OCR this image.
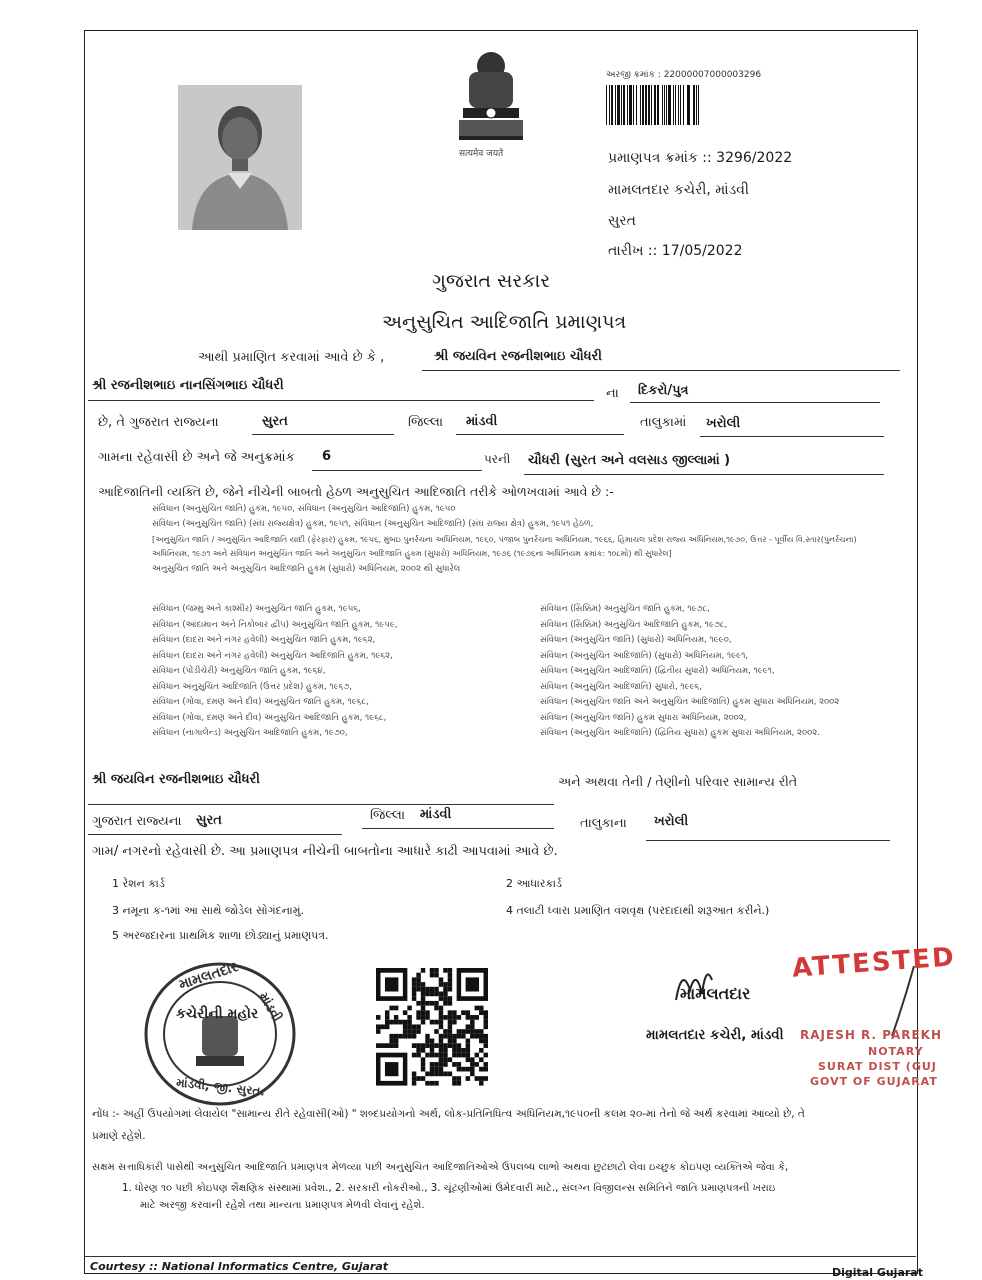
सत्यमेव जयते
અરજી ક્રમાંક : 22000007000003296
પ્રમાણપત્ર ક્રમાંક :: 3296/2022
મામલતદાર કચેરી, માંડવી
સુરત
તારીખ :: 17/05/2022
ગુજરાત સરકાર
અનુસુચિત આદિજાતિ પ્રમાણપત્ર
આથી પ્રમાણિત કરવામાં આવે છે કે ,	શ્રી જયવિન રજનીશભાઇ ચૌધરી
શ્રી રજનીશભાઇ નાનસિંગભાઇ ચૌધરી
ના દિકરો/પુત્ર
છે, તે ગુજરાત રાજ્યના	સુરત	જિલ્લા માંડવી	તાલુકામાં ખરોલી
ગામના રહેવાસી છે અને જે અનુક્રમાંક 6	પરની ચૌધરી (સુરત અને વલસાડ જીલ્લામાં )
આદિજાતિની વ્યક્તિ છે, જેને નીચેની બાબતો હેઠળ અનુસુચિત આદિજાતિ તરીકે ઓળખવામાં આવે છે :-
સંવિધાન (અનુસુચિત જાતિ) હુકમ, ૧૯૫૦, સંવિધાન (અનુસુચિત આદિજાતિ) હુકમ, ૧૯૫૦
સંવિધાન (અનુસુચિત જાતિ) (સંઘ રાજ્યક્ષેત્ર) હુકમ, ૧૯૫૧, સંવિધાન (અનુસુચિત આદિજાતિ) (સંઘ રાજ્ય ક્ષેત્ર) હુકમ, ૧૯૫૧ હેઠળ,
[અનુસુચિત જાતિ / અનુસુચિત આદિજાતિ યાદી (ફેરફાર) હુકમ, ૧૯૫૬, મુંબઇ પુનર્રચના અધિનિયમ, ૧૯૬૦, પંજાબ પુનર્રચના અધિનિયમ, ૧૯૬૬, હિમાચલ પ્રદેશ રાજ્ય અધિનિયમ,૧૯૭૦, ઉત્તર - પૂર્વીય વિ.સ્તાર(પુનર્રચના)
અધિનિયમ, ૧૯૭૧ અને સંવિધાન અનુસુચિત જાતિ અને અનુસુચિત આદિજાતિ હુકમ (સુધારો) અધિનિયમ, ૧૯૭૬ (૧૯૭૬ના અધિનિયમ ક્રમાંક: ૧૦૮મો) થી સુધારેલ]
અનુસુચિત જાતિ અને અનુસુચિત આદિજાતિ હુકમ (સુધારો) અધિનિયમ, ૨૦૦૨ થી સુધારેલ
સંવિધાન (જમ્મુ અને કાશ્મીર) અનુસુચિત જાતિ હુકમ, ૧૯૫૬,
સંવિધાન (આંદામાન અને નિકોબાર દ્વીપ) અનુસુચિત જાતિ હુકમ, ૧૯૫૯,
સંવિધાન (દાદરા અને નગર હવેલી) અનુસુચિત જાતિ હુકમ, ૧૯૬૨,
સંવિધાન (દાદરા અને નગર હવેલી) અનુસુચિત આદિજાતિ હુકમ, ૧૯૬૨,
સંવિધાન (પોંડીચેરી) અનુસુચિત જાતિ હુકમ, ૧૯૬૪,
સંવિધાન અનુસુચિત આદિજાતિ (ઉત્તર પ્રદેશ) હુકમ, ૧૯૬૭,
સંવિધાન (ગોવા, દમણ અને દીવ) અનુસુચિત જાતિ હુકમ, ૧૯૬૮,
સંવિધાન (ગોવા, દમણ અને દીવ) અનુસુચિત આદિજાતિ હુકમ, ૧૯૬૮,
સંવિધાન (નાગાલેન્ડ) અનુસુચિત આદિજાતિ હુકમ, ૧૯૭૦,
સંવિધાન (સિક્કિમ) અનુસુચિત જાતિ હુકમ, ૧૯૭૮,
સંવિધાન (સિક્કિમ) અનુસુચિત આદિજાતિ હુકમ, ૧૯૭૮,
સંવિધાન (અનુસુચિત જાતિ) (સુધારો) અધિનિયમ, ૧૯૯૦,
સંવિધાન (અનુસુચિત આદિજાતિ) (સુધારો) અધિનિયમ, ૧૯૯૧,
સંવિધાન (અનુસુચિત આદિજાતિ) (દ્વિતીય સુધારો) અધિનિયમ, ૧૯૯૧,
સંવિધાન (અનુસુચિત આદિજાતિ) સુધારો, ૧૯૯૬,
સંવિધાન (અનુસુચિત જાતિ અને અનુસુચિત આદિજાતિ) હુકમ સુધારા અધિનિયમ, ૨૦૦૨
સંવિધાન (અનુસુચિત જાતિ) હુકમ સુધારા અધિનિયમ, ૨૦૦૨,
સંવિધાન (અનુસુચિત આદિજાતિ) (દ્વિતિય સુધારા) હુકમ સુધારા અધિનિયમ, ૨૦૦૨.
શ્રી જયવિન રજનીશભાઇ ચૌધરી	અને અથવા તેની / તેણીનો પરિવાર સામાન્ય રીતે
ગુજરાત રાજ્યના સુરત	જિલ્લા માંડવી
તાલુકાના ખરોલી
ગામ/ નગરનો રહેવાસી છે. આ પ્રમાણપત્ર નીચેની બાબતોના આધારે કાઢી આપવામાં આવે છે.
1 રેશન કાર્ડ	2 આધારકાર્ડ
3 નમૂના ક-૧માં આ સાથે જોડેલ સોગંદનામું.	4 તલાટી ધ્વારા પ્રમાણિત વંશવૃક્ષ (પરદાદાથી શરૂઆત કરીને.)
5 અરજદારના પ્રાથમિક શાળા છોડ્યાનું પ્રમાણપત્ર.
મામલતદાર
માંડવી
કચેરીની મહોર
માંડવી, જી. સુરત.
મામલતદાર
મામલતદાર કચેરી, માંડવી
ATTESTED
RAJESH R. PAREKH
NOTARY
SURAT DIST (GUJ
GOVT OF GUJARAT
નોંધ :- અહીં ઉપયોગમાં લેવાયેલ "સામાન્ય રીતે રહેવાસી(ઓ) " શબ્દપ્રયોગનો અર્થ, લોક-પ્રતિનિધિત્વ અધિનિયમ,૧૯૫૦ની કલમ ૨૦-માં તેનો જે અર્થ કરવામાં આવ્યો છે, તે
પ્રમાણે રહેશે.
સક્ષમ સત્તાધિકારી પાસેથી અનુસુચિત આદિજાતિ પ્રમાણપત્ર મેળવ્યા પછી અનુસુચિત આદિજાતિઓએ ઉપલબ્ધ લાભો અથવા છુટછાટો લેવા ઇચ્છુક કોઇપણ વ્યક્તિએ જેવા કે,
1. ધોરણ ૧૦ પછી કોઇપણ શૈક્ષણિક સંસ્થામાં પ્રવેશ., 2. સરકારી નોકરીઓ., 3. ચૂંટણીઓમાં ઉમેદવારી માટે., સંલગ્ન વિજીલન્સ સમિતિને જાતિ પ્રમાણપત્રની ખરાઇ
માટે અરજી કરવાની રહેશે તથા માન્યતા પ્રમાણપત્ર મેળવી લેવાનું રહેશે.
Courtesy :: National Informatics Centre, Gujarat	Digital Gujarat
